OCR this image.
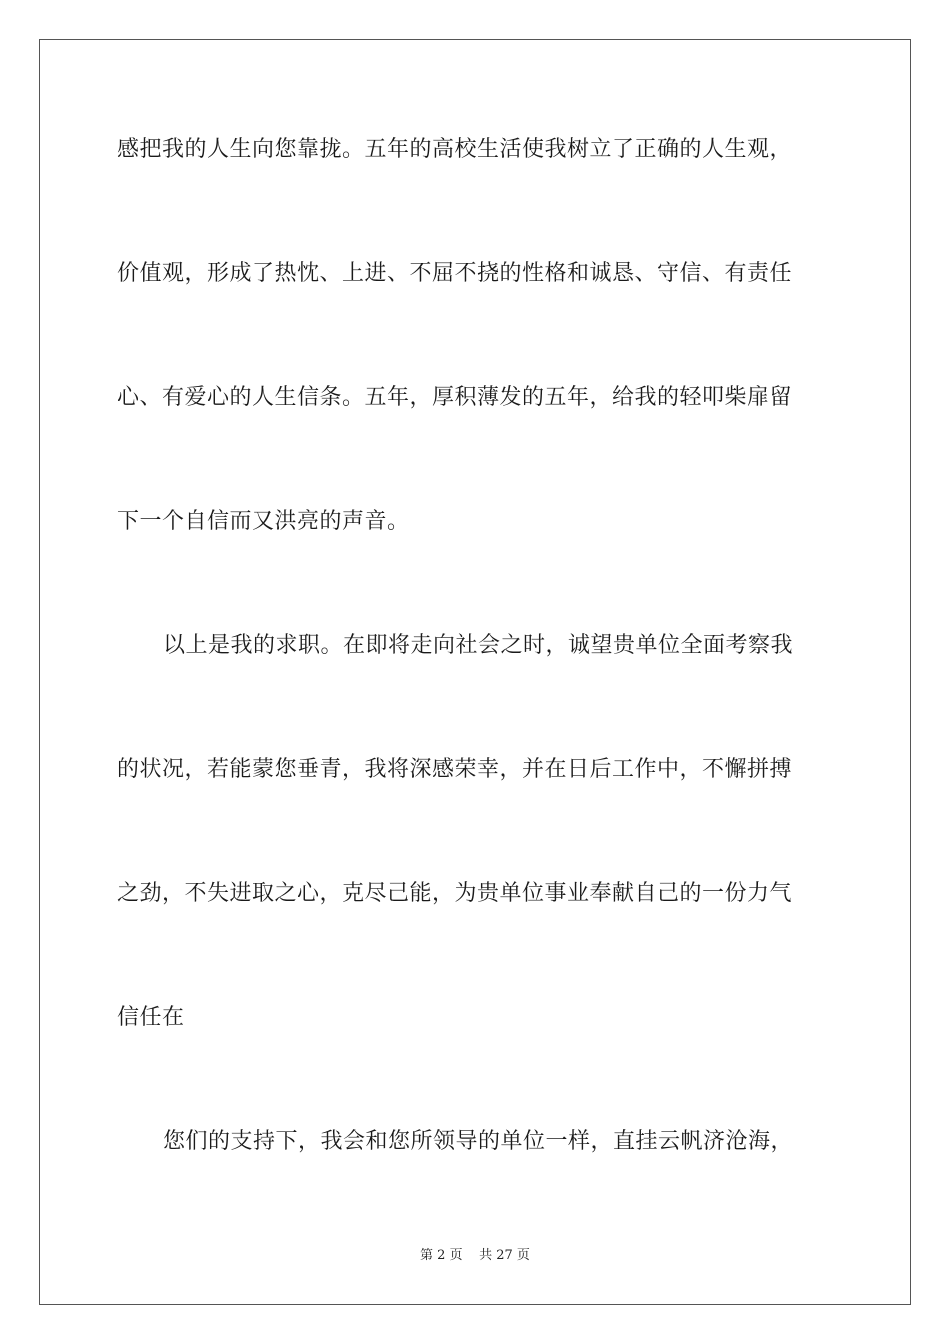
感把我的人生向您靠拢。五年的高校生活使我树立了正确的人生观，
价值观，形成了热忱、上进、不屈不挠的性格和诚恳、守信、有责任
心、有爱心的人生信条。五年，厚积薄发的五年，给我的轻叩柴扉留
下一个自信而又洪亮的声音。
以上是我的求职。在即将走向社会之时，诚望贵单位全面考察我
的状况，若能蒙您垂青，我将深感荣幸，并在日后工作中，不懈拼搏
之劲，不失进取之心，克尽己能，为贵单位事业奉献自己的一份力气
信任在
您们的支持下，我会和您所领导的单位一样，直挂云帆济沧海，
第 2 页 共 27 页
